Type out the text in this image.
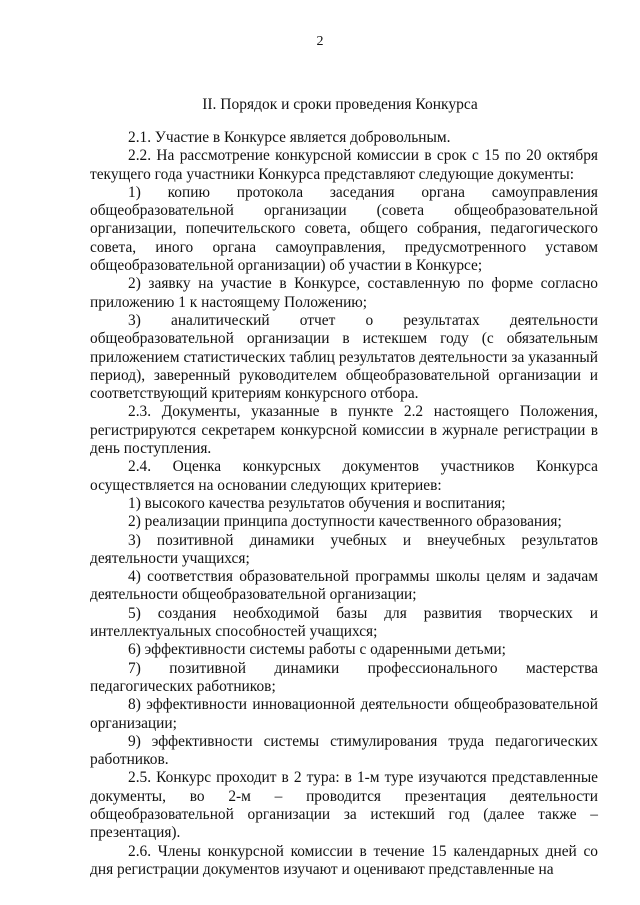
2
II. Порядок и сроки проведения Конкурса

2.1. Участие в Конкурсе является добровольным.

2.2. На рассмотрение конкурсной комиссии в срок с 15 по 20 октября текущего года участники Конкурса представляют следующие документы:

1) копию протокола заседания органа самоуправления общеобразовательной организации (совета общеобразовательной организации, попечительского совета, общего собрания, педагогического совета, иного органа самоуправления, предусмотренного уставом общеобразовательной организации) об участии в Конкурсе;

2) заявку на участие в Конкурсе, составленную по форме согласно приложению 1 к настоящему Положению;

3) аналитический отчет о результатах деятельности общеобразовательной организации в истекшем году (с обязательным приложением статистических таблиц результатов деятельности за указанный период), заверенный руководителем общеобразовательной организации и соответствующий критериям конкурсного отбора.

2.3. Документы, указанные в пункте 2.2 настоящего Положения, регистрируются секретарем конкурсной комиссии в журнале регистрации в день поступления.

2.4. Оценка конкурсных документов участников Конкурса осуществляется на основании следующих критериев:

1) высокого качества результатов обучения и воспитания;

2) реализации принципа доступности качественного образования;

3) позитивной динамики учебных и внеучебных результатов деятельности учащихся;

4) соответствия образовательной программы школы целям и задачам деятельности общеобразовательной организации;

5) создания необходимой базы для развития творческих и интеллектуальных способностей учащихся;

6) эффективности системы работы с одаренными детьми;

7) позитивной динамики профессионального мастерства педагогических работников;

8) эффективности инновационной деятельности общеобразовательной организации;

9) эффективности системы стимулирования труда педагогических работников.

2.5. Конкурс проходит в 2 тура: в 1-м туре изучаются представленные документы, во 2-м – проводится презентация деятельности общеобразовательной организации за истекший год (далее также – презентация).

2.6. Члены конкурсной комиссии в течение 15 календарных дней со дня регистрации документов изучают и оценивают представленные на
